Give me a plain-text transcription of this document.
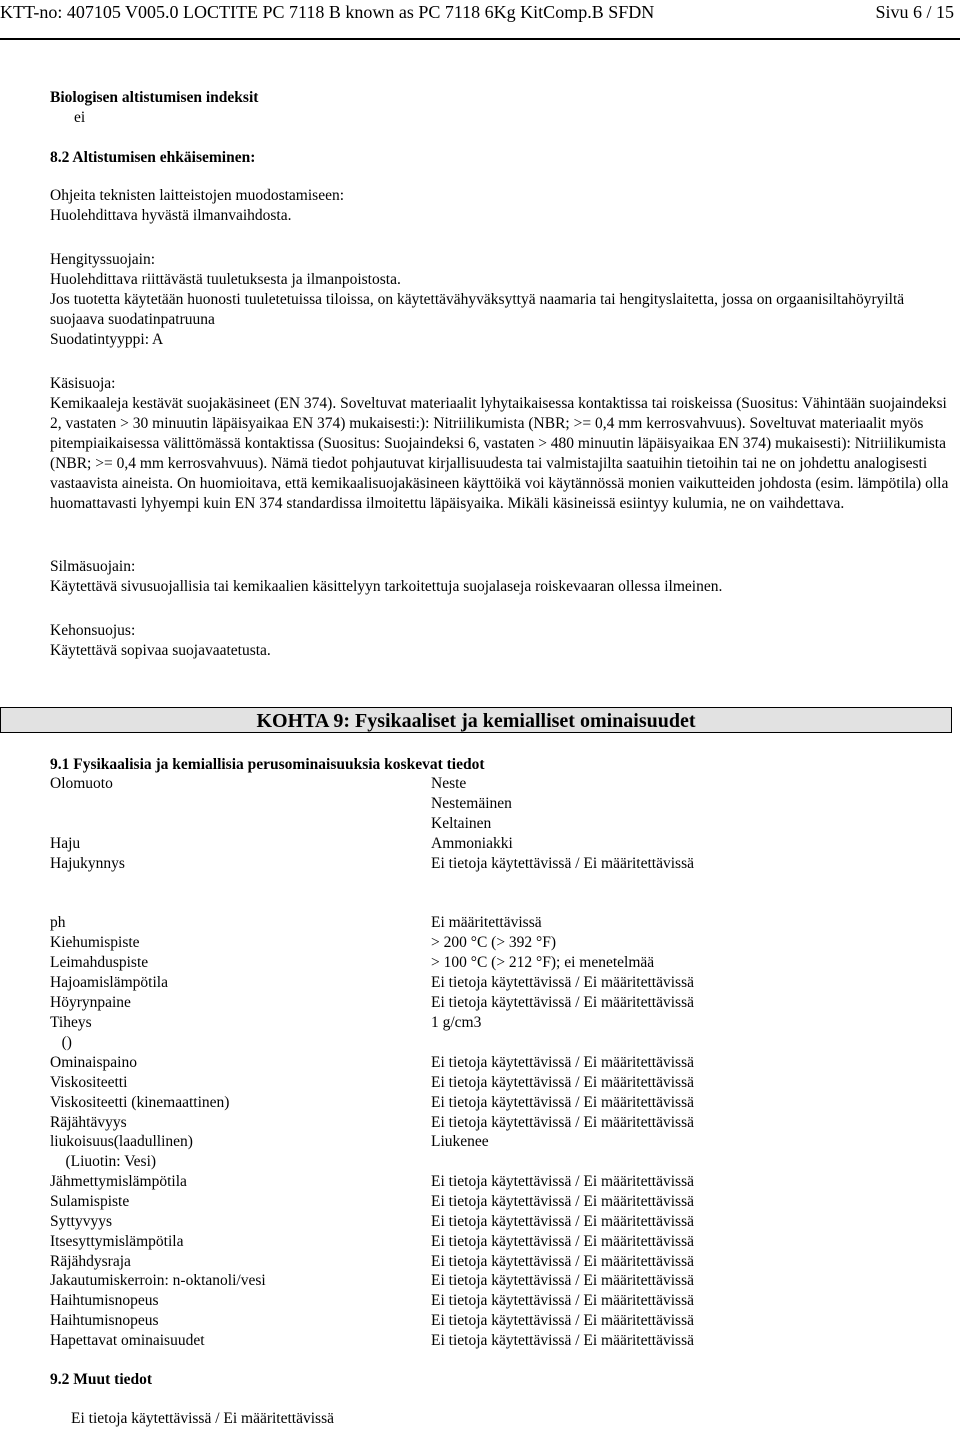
KTT-no: 407105 V005.0 LOCTITE PC 7118 B known as PC 7118 6Kg KitComp.B SFDN	Sivu 6 / 15
Biologisen altistumisen indeksit
ei
8.2 Altistumisen ehkäiseminen:
Ohjeita teknisten laitteistojen muodostamiseen:
Huolehdittava hyvästä ilmanvaihdosta.
Hengityssuojain:
Huolehdittava riittävästä tuuletuksesta ja ilmanpoistosta.
Jos tuotetta käytetään huonosti tuuletetuissa tiloissa, on käytettävähyväksyttyä naamaria tai hengityslaitetta, jossa on orgaanisiltahöyryiltä suojaava suodatinpatruuna
Suodatintyyppi: A
Käsisuoja:
Kemikaaleja kestävät suojakäsineet (EN 374). Soveltuvat materiaalit lyhytaikaisessa kontaktissa tai roiskeissa (Suositus: Vähintään suojaindeksi 2, vastaten > 30 minuutin läpäisyaikaa EN 374) mukaisesti:): Nitriilikumista (NBR; >= 0,4 mm kerrosvahvuus). Soveltuvat materiaalit myös pitempiaikaisessa välittömässä kontaktissa (Suositus: Suojaindeksi 6, vastaten > 480 minuutin läpäisyaikaa EN 374) mukaisesti): Nitriilikumista (NBR; >= 0,4 mm kerrosvahvuus). Nämä tiedot pohjautuvat kirjallisuudesta tai valmistajilta saatuihin tietoihin tai ne on johdettu analogisesti vastaavista aineista. On huomioitava, että kemikaalisuojakäsineen käyttöikä voi käytännössä monien vaikutteiden johdosta (esim. lämpötila) olla huomattavasti lyhyempi kuin EN 374 standardissa ilmoitettu läpäisyaika. Mikäli käsineissä esiintyy kulumia, ne on vaihdettava.
Silmäsuojain:
Käytettävä sivusuojallisia tai kemikaalien käsittelyyn tarkoitettuja suojalaseja roiskevaaran ollessa ilmeinen.
Kehonsuojus:
Käytettävä sopivaa suojavaatetusta.
KOHTA 9: Fysikaaliset ja kemialliset ominaisuudet
9.1 Fysikaalisia ja kemiallisia perusominaisuuksia koskevat tiedot
Olomuoto	Neste
Nestemäinen
Keltainen
Haju	Ammoniakki
Hajukynnys	Ei tietoja käytettävissä / Ei määritettävissä
ph	Ei määritettävissä
Kiehumispiste	> 200 °C (> 392 °F)
Leimahduspiste	> 100 °C (> 212 °F); ei menetelmää
Hajoamislämpötila	Ei tietoja käytettävissä / Ei määritettävissä
Höyrynpaine	Ei tietoja käytettävissä / Ei määritettävissä
Tiheys	1 g/cm3
()
Ominaispaino	Ei tietoja käytettävissä / Ei määritettävissä
Viskositeetti	Ei tietoja käytettävissä / Ei määritettävissä
Viskositeetti (kinemaattinen)	Ei tietoja käytettävissä / Ei määritettävissä
Räjähtävyys	Ei tietoja käytettävissä / Ei määritettävissä
liukoisuus(laadullinen)	Liukenee
(Liuotin: Vesi)
Jähmettymislämpötila	Ei tietoja käytettävissä / Ei määritettävissä
Sulamispiste	Ei tietoja käytettävissä / Ei määritettävissä
Syttyvyys	Ei tietoja käytettävissä / Ei määritettävissä
Itsesyttymislämpötila	Ei tietoja käytettävissä / Ei määritettävissä
Räjähdysraja	Ei tietoja käytettävissä / Ei määritettävissä
Jakautumiskerroin: n-oktanoli/vesi	Ei tietoja käytettävissä / Ei määritettävissä
Haihtumisnopeus	Ei tietoja käytettävissä / Ei määritettävissä
Haihtumisnopeus	Ei tietoja käytettävissä / Ei määritettävissä
Hapettavat ominaisuudet	Ei tietoja käytettävissä / Ei määritettävissä
9.2 Muut tiedot
Ei tietoja käytettävissä / Ei määritettävissä
